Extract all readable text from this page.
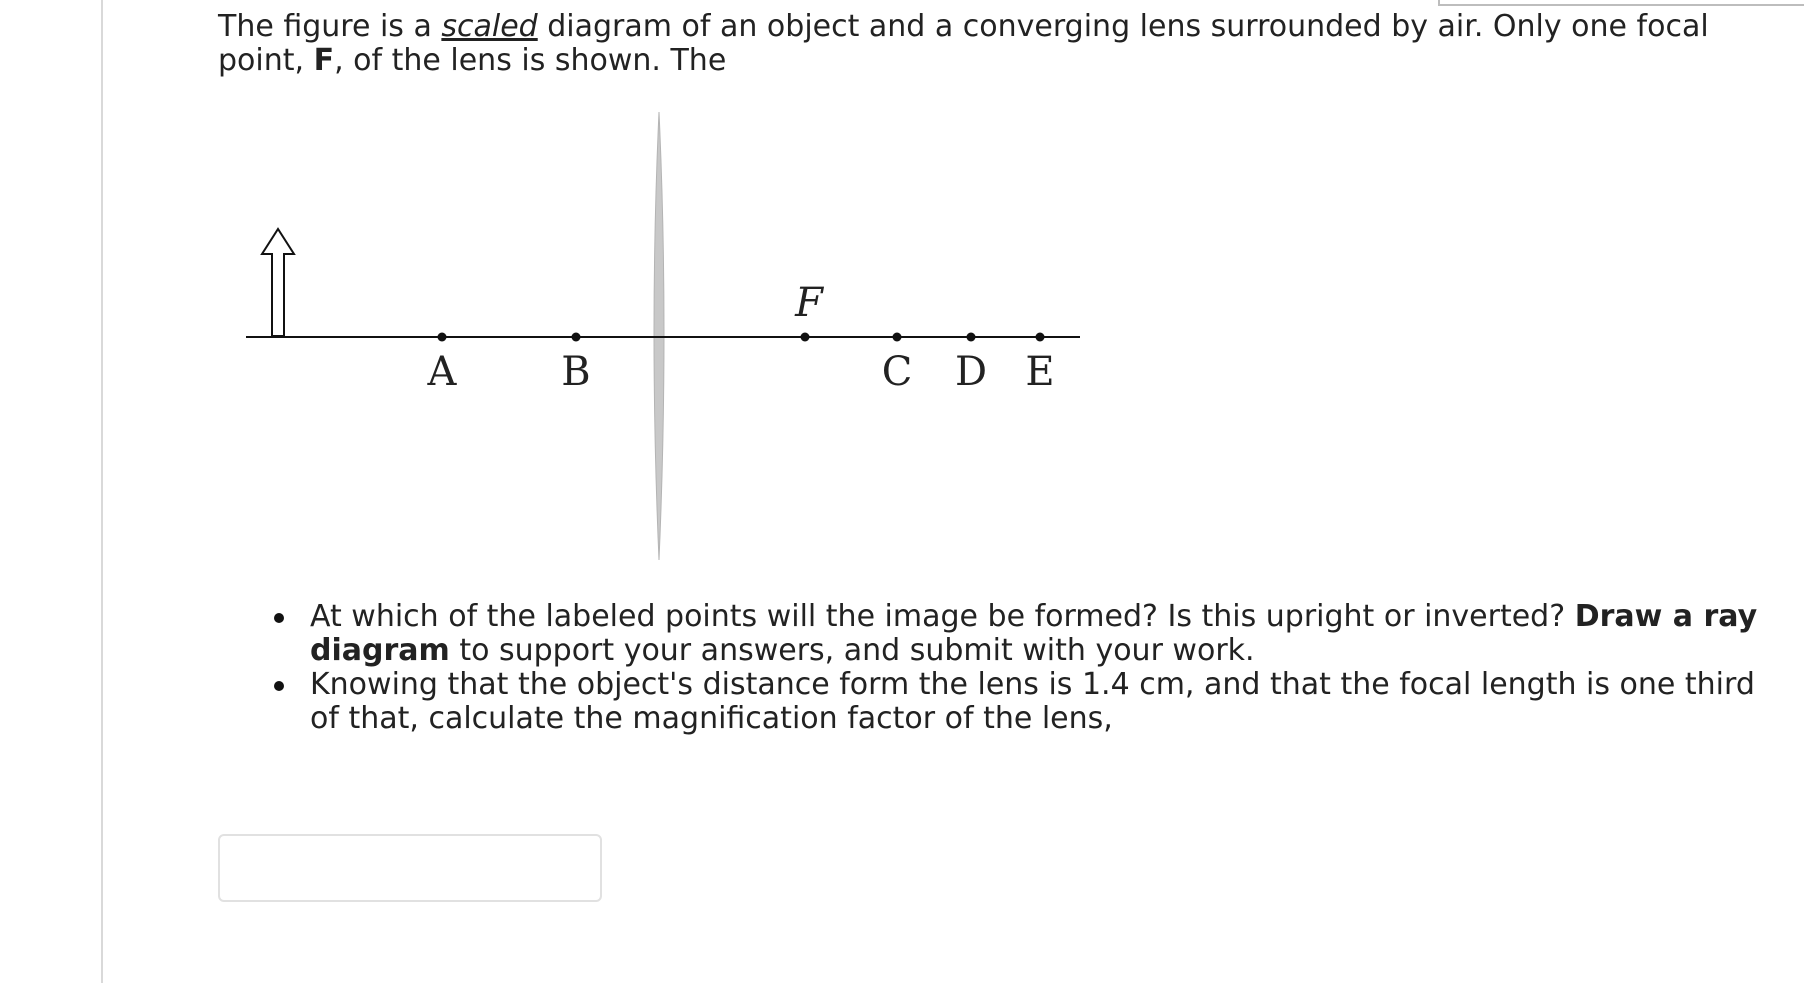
The figure is a scaled diagram of an object and a converging lens surrounded by air. Only one focal point, F, of the lens is shown. The

F
A	B	C D E
At which of the labeled points will the image be formed? Is this upright or inverted? Draw a ray diagram to support your answers, and submit with your work.
Knowing that the object's distance form the lens is 1.4 cm, and that the focal length is one third of that, calculate the magnification factor of the lens,
